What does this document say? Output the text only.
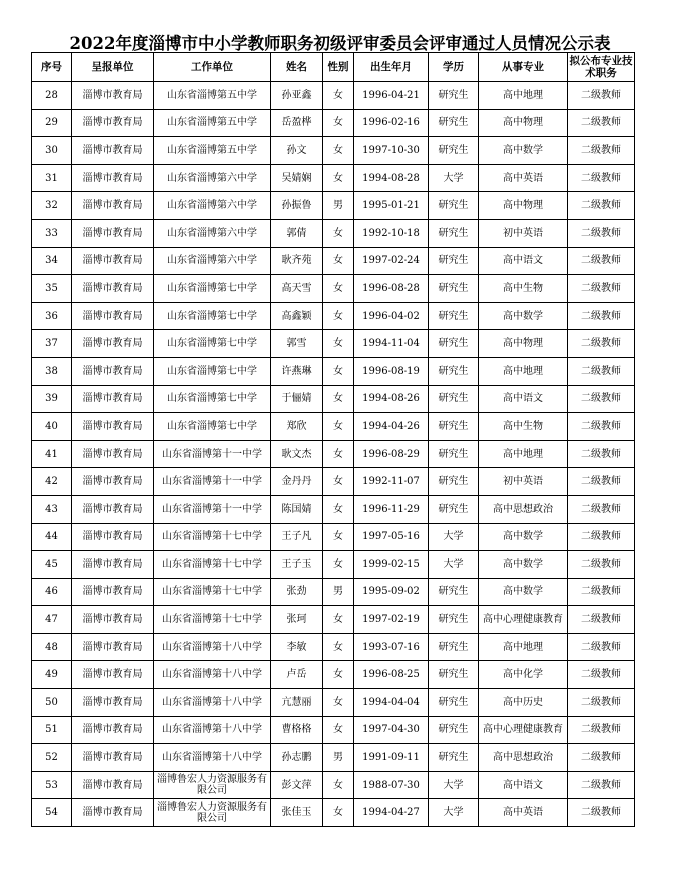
2022年度淄博市中小学教师职务初级评审委员会评审通过人员情况公示表
序号	呈报单位	工作单位	姓名	性别	出生年月	学历	从事专业	拟公布专业技术职务
28	淄博市教育局	山东省淄博第五中学	孙亚鑫	女	1996-04-21	研究生	高中地理	二级教师
29	淄博市教育局	山东省淄博第五中学	岳盈桦	女	1996-02-16	研究生	高中物理	二级教师
30	淄博市教育局	山东省淄博第五中学	孙文	女	1997-10-30	研究生	高中数学	二级教师
31	淄博市教育局	山东省淄博第六中学	吴婧娴	女	1994-08-28	大学	高中英语	二级教师
32	淄博市教育局	山东省淄博第六中学	孙振鲁	男	1995-01-21	研究生	高中物理	二级教师
33	淄博市教育局	山东省淄博第六中学	郭倩	女	1992-10-18	研究生	初中英语	二级教师
34	淄博市教育局	山东省淄博第六中学	耿齐苑	女	1997-02-24	研究生	高中语文	二级教师
35	淄博市教育局	山东省淄博第七中学	高天雪	女	1996-08-28	研究生	高中生物	二级教师
36	淄博市教育局	山东省淄博第七中学	高鑫颖	女	1996-04-02	研究生	高中数学	二级教师
37	淄博市教育局	山东省淄博第七中学	郭雪	女	1994-11-04	研究生	高中物理	二级教师
38	淄博市教育局	山东省淄博第七中学	许燕琳	女	1996-08-19	研究生	高中地理	二级教师
39	淄博市教育局	山东省淄博第七中学	于俪婧	女	1994-08-26	研究生	高中语文	二级教师
40	淄博市教育局	山东省淄博第七中学	郑欣	女	1994-04-26	研究生	高中生物	二级教师
41	淄博市教育局	山东省淄博第十一中学	耿文杰	女	1996-08-29	研究生	高中地理	二级教师
42	淄博市教育局	山东省淄博第十一中学	金丹丹	女	1992-11-07	研究生	初中英语	二级教师
43	淄博市教育局	山东省淄博第十一中学	陈国婧	女	1996-11-29	研究生	高中思想政治	二级教师
44	淄博市教育局	山东省淄博第十七中学	王子凡	女	1997-05-16	大学	高中数学	二级教师
45	淄博市教育局	山东省淄博第十七中学	王子玉	女	1999-02-15	大学	高中数学	二级教师
46	淄博市教育局	山东省淄博第十七中学	张劲	男	1995-09-02	研究生	高中数学	二级教师
47	淄博市教育局	山东省淄博第十七中学	张珂	女	1997-02-19	研究生	高中心理健康教育	二级教师
48	淄博市教育局	山东省淄博第十八中学	李敏	女	1993-07-16	研究生	高中地理	二级教师
49	淄博市教育局	山东省淄博第十八中学	卢岳	女	1996-08-25	研究生	高中化学	二级教师
50	淄博市教育局	山东省淄博第十八中学	亢慧丽	女	1994-04-04	研究生	高中历史	二级教师
51	淄博市教育局	山东省淄博第十八中学	曹格格	女	1997-04-30	研究生	高中心理健康教育	二级教师
52	淄博市教育局	山东省淄博第十八中学	孙志鹏	男	1991-09-11	研究生	高中思想政治	二级教师
53	淄博市教育局	淄博鲁宏人力资源服务有限公司	彭文萍	女	1988-07-30	大学	高中语文	二级教师
54	淄博市教育局	淄博鲁宏人力资源服务有限公司	张佳玉	女	1994-04-27	大学	高中英语	二级教师
